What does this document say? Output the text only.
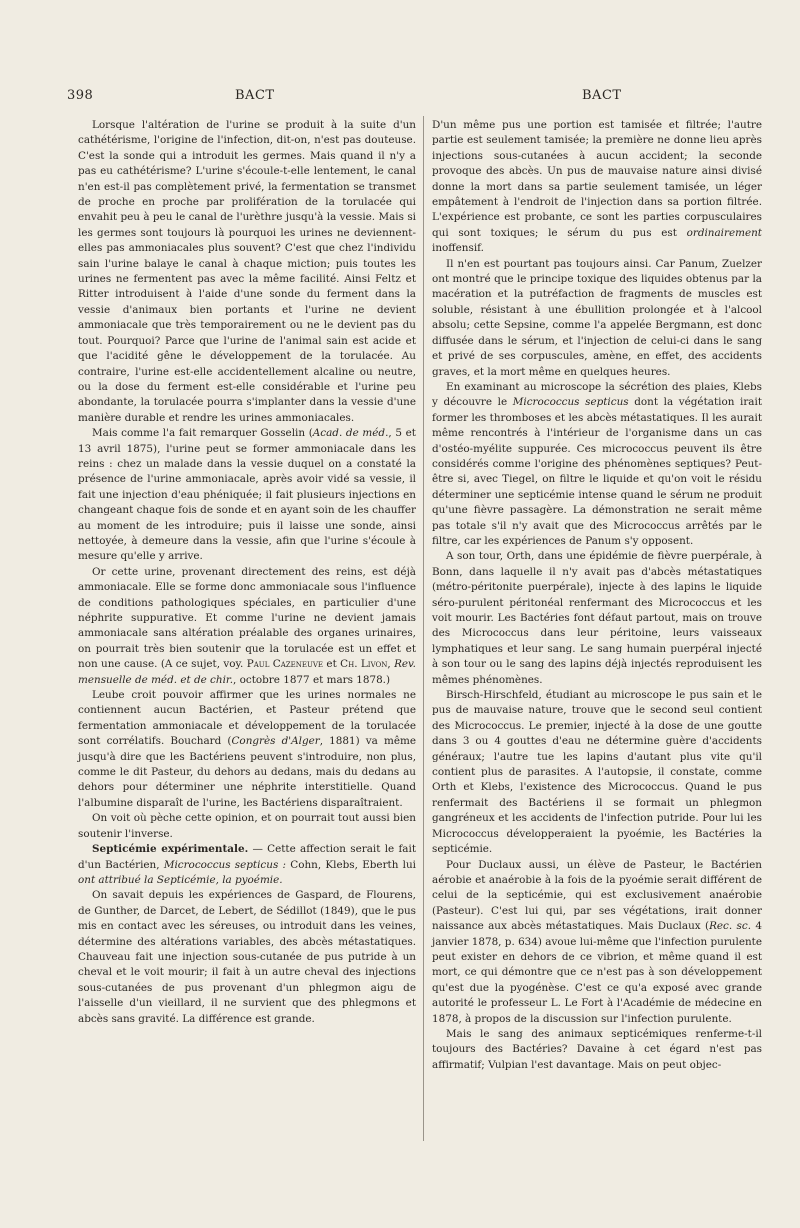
398	BACT	BACT

Lorsque l'altération de l'urine se produit à la suite d'un cathétérisme, l'origine de l'infection, dit-on, n'est pas douteuse. C'est la sonde qui a introduit les germes. Mais quand il n'y a pas eu cathétérisme? L'urine s'écoule-t-elle lentement, le canal n'en est-il pas complètement privé, la fermentation se transmet de proche en proche par prolifération de la torulacée qui envahit peu à peu le canal de l'urèthre jusqu'à la vessie. Mais si les germes sont toujours là pourquoi les urines ne deviennent-elles pas ammoniacales plus souvent? C'est que chez l'individu sain l'urine balaye le canal à chaque miction; puis toutes les urines ne fermentent pas avec la même facilité. Ainsi Feltz et Ritter introduisent à l'aide d'une sonde du ferment dans la vessie d'animaux bien portants et l'urine ne devient ammoniacale que très temporairement ou ne le devient pas du tout. Pourquoi? Parce que l'urine de l'animal sain est acide et que l'acidité gêne le développement de la torulacée. Au contraire, l'urine est-elle accidentellement alcaline ou neutre, ou la dose du ferment est-elle considérable et l'urine peu abondante, la torulacée pourra s'implanter dans la vessie d'une manière durable et rendre les urines ammoniacales.

Mais comme l'a fait remarquer Gosselin (Acad. de méd., 5 et 13 avril 1875), l'urine peut se former ammoniacale dans les reins : chez un malade dans la vessie duquel on a constaté la présence de l'urine ammoniacale, après avoir vidé sa vessie, il fait une injection d'eau phéniquée; il fait plusieurs injections en changeant chaque fois de sonde et en ayant soin de les chauffer au moment de les introduire; puis il laisse une sonde, ainsi nettoyée, à demeure dans la vessie, afin que l'urine s'écoule à mesure qu'elle y arrive.

Or cette urine, provenant directement des reins, est déjà ammoniacale. Elle se forme donc ammoniacale sous l'influence de conditions pathologiques spéciales, en particulier d'une néphrite suppurative. Et comme l'urine ne devient jamais ammoniacale sans altération préalable des organes urinaires, on pourrait très bien soutenir que la torulacée est un effet et non une cause. (A ce sujet, voy. Paul Cazeneuve et Ch. Livon, Rev. mensuelle de méd. et de chir., octobre 1877 et mars 1878.)

Leube croit pouvoir affirmer que les urines normales ne contiennent aucun Bactérien, et Pasteur prétend que fermentation ammoniacale et développement de la torulacée sont corrélatifs. Bouchard (Congrès d'Alger, 1881) va même jusqu'à dire que les Bactériens peuvent s'introduire, non plus, comme le dit Pasteur, du dehors au dedans, mais du dedans au dehors pour déterminer une néphrite interstitielle. Quand l'albumine disparaît de l'urine, les Bactériens disparaîtraient.

On voit où pèche cette opinion, et on pourrait tout aussi bien soutenir l'inverse.

Septicémie expérimentale. — Cette affection serait le fait d'un Bactérien, Micrococcus septicus : Cohn, Klebs, Eberth lui ont attribué la Septicémie, la pyoémie.

On savait depuis les expériences de Gaspard, de Flourens, de Gunther, de Darcet, de Lebert, de Sédillot (1849), que le pus mis en contact avec les séreuses, ou introduit dans les veines, détermine des altérations variables, des abcès métastatiques. Chauveau fait une injection sous-cutanée de pus putride à un cheval et le voit mourir; il fait à un autre cheval des injections sous-cutanées de pus provenant d'un phlegmon aigu de l'aisselle d'un vieillard, il ne survient que des phlegmons et abcès sans gravité. La différence est grande.

D'un même pus une portion est tamisée et filtrée; l'autre partie est seulement tamisée; la première ne donne lieu après injections sous-cutanées à aucun accident; la seconde provoque des abcès. Un pus de mauvaise nature ainsi divisé donne la mort dans sa partie seulement tamisée, un léger empâtement à l'endroit de l'injection dans sa portion filtrée. L'expérience est probante, ce sont les parties corpusculaires qui sont toxiques; le sérum du pus est ordinairement inoffensif.

Il n'en est pourtant pas toujours ainsi. Car Panum, Zuelzer ont montré que le principe toxique des liquides obtenus par la macération et la putréfaction de fragments de muscles est soluble, résistant à une ébullition prolongée et à l'alcool absolu; cette Sepsine, comme l'a appelée Bergmann, est donc diffusée dans le sérum, et l'injection de celui-ci dans le sang et privé de ses corpuscules, amène, en effet, des accidents graves, et la mort même en quelques heures.

En examinant au microscope la sécrétion des plaies, Klebs y découvre le Micrococcus septicus dont la végétation irait former les thromboses et les abcès métastatiques. Il les aurait même rencontrés à l'intérieur de l'organisme dans un cas d'ostéo-myélite suppurée. Ces micrococcus peuvent ils être considérés comme l'origine des phénomènes septiques? Peut-être si, avec Tiegel, on filtre le liquide et qu'on voit le résidu déterminer une septicémie intense quand le sérum ne produit qu'une fièvre passagère. La démonstration ne serait même pas totale s'il n'y avait que des Micrococcus arrêtés par le filtre, car les expériences de Panum s'y opposent.

A son tour, Orth, dans une épidémie de fièvre puerpérale, à Bonn, dans laquelle il n'y avait pas d'abcès métastatiques (métro-péritonite puerpérale), injecte à des lapins le liquide séro-purulent péritonéal renfermant des Micrococcus et les voit mourir. Les Bactéries font défaut partout, mais on trouve des Micrococcus dans leur péritoine, leurs vaisseaux lymphatiques et leur sang. Le sang humain puerpéral injecté à son tour ou le sang des lapins déjà injectés reproduisent les mêmes phénomènes.

Birsch-Hirschfeld, étudiant au microscope le pus sain et le pus de mauvaise nature, trouve que le second seul contient des Micrococcus. Le premier, injecté à la dose de une goutte dans 3 ou 4 gouttes d'eau ne détermine guère d'accidents généraux; l'autre tue les lapins d'autant plus vite qu'il contient plus de parasites. A l'autopsie, il constate, comme Orth et Klebs, l'existence des Micrococcus. Quand le pus renfermait des Bactériens il se formait un phlegmon gangréneux et les accidents de l'infection putride. Pour lui les Micrococcus développeraient la pyoémie, les Bactéries la septicémie.

Pour Duclaux aussi, un élève de Pasteur, le Bactérien aérobie et anaérobie à la fois de la pyoémie serait différent de celui de la septicémie, qui est exclusivement anaérobie (Pasteur). C'est lui qui, par ses végétations, irait donner naissance aux abcès métastatiques. Mais Duclaux (Rec. sc. 4 janvier 1878, p. 634) avoue lui-même que l'infection purulente peut exister en dehors de ce vibrion, et même quand il est mort, ce qui démontre que ce n'est pas à son développement qu'est due la pyogénèse. C'est ce qu'a exposé avec grande autorité le professeur L. Le Fort à l'Académie de médecine en 1878, à propos de la discussion sur l'infection purulente.

Mais le sang des animaux septicémiques renferme-t-il toujours des Bactéries? Davaine à cet égard n'est pas affirmatif; Vulpian l'est davantage. Mais on peut objec-
